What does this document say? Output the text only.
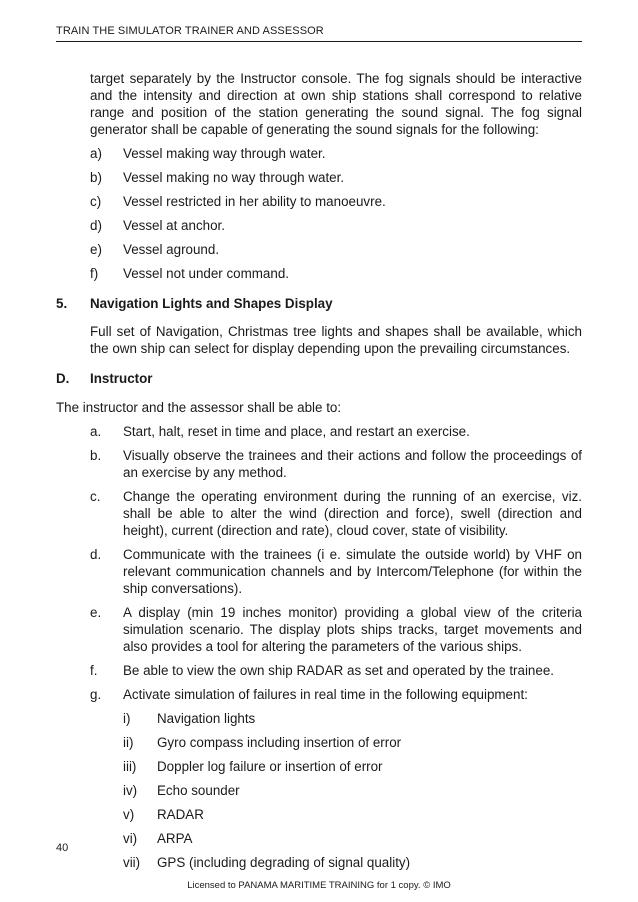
TRAIN THE SIMULATOR TRAINER AND ASSESSOR

target separately by the Instructor console. The fog signals should be interactive and the intensity and direction at own ship stations shall correspond to relative range and position of the station generating the sound signal. The fog signal generator shall be capable of generating the sound signals for the following:

a) Vessel making way through water.
b) Vessel making no way through water.
c) Vessel restricted in her ability to manoeuvre.
d) Vessel at anchor.
e) Vessel aground.
f) Vessel not under command.
5. Navigation Lights and Shapes Display

Full set of Navigation, Christmas tree lights and shapes shall be available, which the own ship can select for display depending upon the prevailing circumstances.

D. Instructor

The instructor and the assessor shall be able to:

a. Start, halt, reset in time and place, and restart an exercise.
b. Visually observe the trainees and their actions and follow the proceedings of an exercise by any method.
c. Change the operating environment during the running of an exercise, viz. shall be able to alter the wind (direction and force), swell (direction and height), current (direction and rate), cloud cover, state of visibility.
d. Communicate with the trainees (i e. simulate the outside world) by VHF on relevant communication channels and by Intercom/Telephone (for within the ship conversations).
e. A display (min 19 inches monitor) providing a global view of the criteria simulation scenario. The display plots ships tracks, target movements and also provides a tool for altering the parameters of the various ships.
f. Be able to view the own ship RADAR as set and operated by the trainee.
g. Activate simulation of failures in real time in the following equipment:
i) Navigation lights
ii) Gyro compass including insertion of error
iii) Doppler log failure or insertion of error
iv) Echo sounder
v) RADAR
vi) ARPA
vii) GPS (including degrading of signal quality)
40
Licensed to PANAMA MARITIME TRAINING for 1 copy. © IMO
